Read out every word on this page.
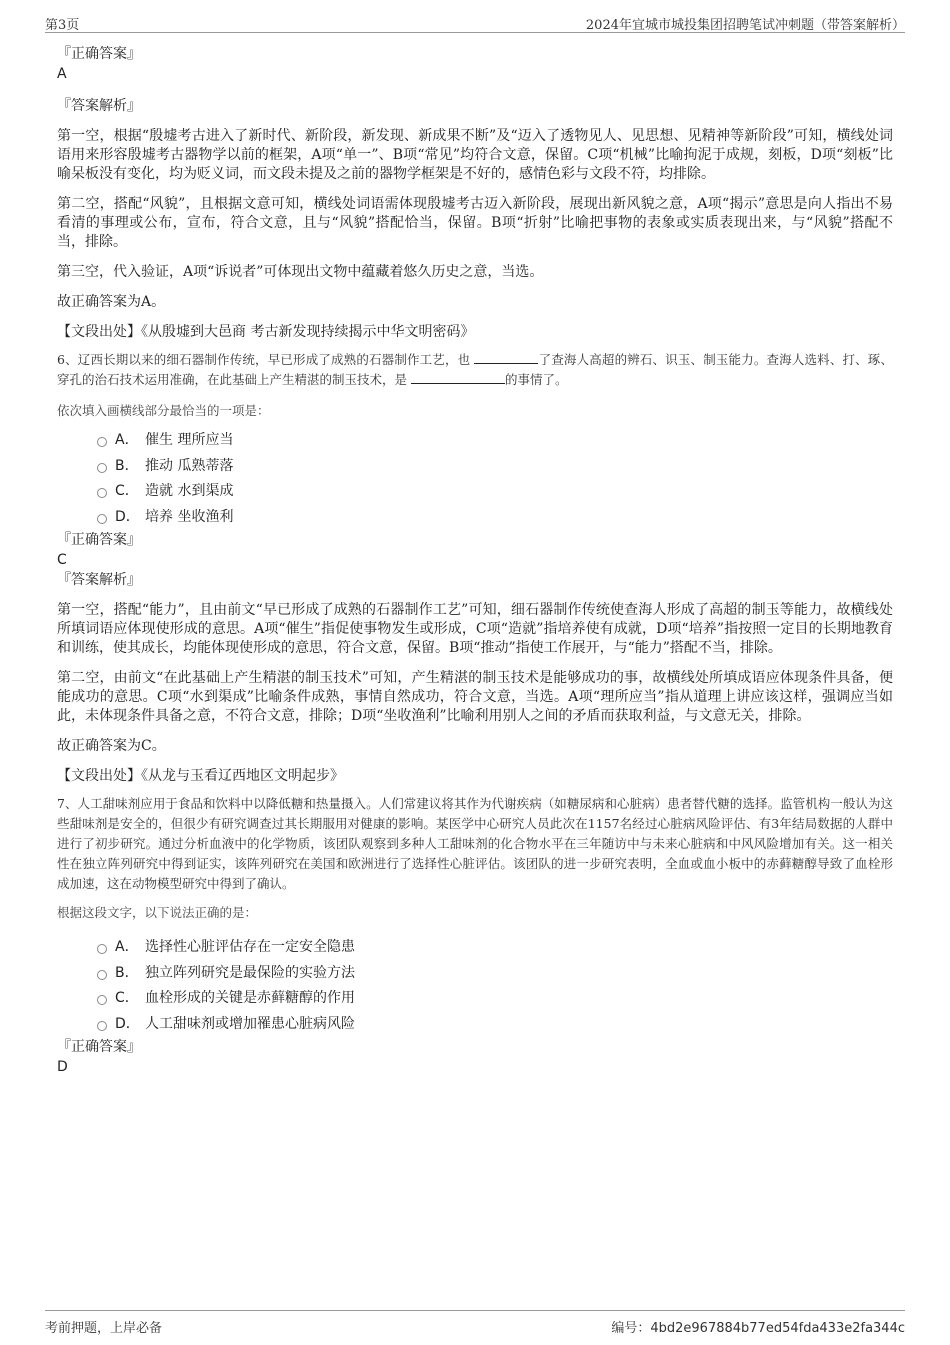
第3页	2024年宜城市城投集团招聘笔试冲刺题（带答案解析）

『正确答案』

A

『答案解析』

第一空，根据“殷墟考古进入了新时代、新阶段，新发现、新成果不断”及“迈入了透物见人、见思想、见精神等新阶段”可知，横线处词语用来形容殷墟考古器物学以前的框架，A项“单一”、B项“常见”均符合文意，保留。C项“机械”比喻拘泥于成规，刻板，D项“刻板”比喻呆板没有变化，均为贬义词，而文段未提及之前的器物学框架是不好的，感情色彩与文段不符，均排除。

第二空，搭配“风貌”，且根据文意可知，横线处词语需体现殷墟考古迈入新阶段，展现出新风貌之意，A项“揭示”意思是向人指出不易看清的事理或公布，宣布，符合文意，且与“风貌”搭配恰当，保留。B项“折射”比喻把事物的表象或实质表现出来，与“风貌”搭配不当，排除。

第三空，代入验证，A项“诉说者”可体现出文物中蕴藏着悠久历史之意，当选。

故正确答案为A。

【文段出处】《从殷墟到大邑商 考古新发现持续揭示中华文明密码》

6、辽西长期以来的细石器制作传统，早已形成了成熟的石器制作工艺，也	了查海人高超的辨石、识玉、制玉能力。查海人选料、打、琢、穿孔的治石技术运用准确，在此基础上产生精湛的制玉技术，是	的事情了。

依次填入画横线部分最恰当的一项是：

A． 催生 理所应当
B． 推动 瓜熟蒂落
C． 造就 水到渠成
D． 培养 坐收渔利

『正确答案』

C

『答案解析』

第一空，搭配“能力”，且由前文“早已形成了成熟的石器制作工艺”可知，细石器制作传统使查海人形成了高超的制玉等能力，故横线处所填词语应体现使形成的意思。A项“催生”指促使事物发生或形成，C项“造就”指培养使有成就，D项“培养”指按照一定目的长期地教育和训练，使其成长，均能体现使形成的意思，符合文意，保留。B项“推动”指使工作展开，与“能力”搭配不当，排除。

第二空，由前文“在此基础上产生精湛的制玉技术”可知，产生精湛的制玉技术是能够成功的事，故横线处所填成语应体现条件具备，便能成功的意思。C项“水到渠成”比喻条件成熟，事情自然成功，符合文意，当选。A项“理所应当”指从道理上讲应该这样，强调应当如此，未体现条件具备之意，不符合文意，排除；D项“坐收渔利”比喻利用别人之间的矛盾而获取利益，与文意无关，排除。

故正确答案为C。

【文段出处】《从龙与玉看辽西地区文明起步》

7、人工甜味剂应用于食品和饮料中以降低糖和热量摄入。人们常建议将其作为代谢疾病（如糖尿病和心脏病）患者替代糖的选择。监管机构一般认为这些甜味剂是安全的，但很少有研究调查过其长期服用对健康的影响。某医学中心研究人员此次在1157名经过心脏病风险评估、有3年结局数据的人群中进行了初步研究。通过分析血液中的化学物质，该团队观察到多种人工甜味剂的化合物水平在三年随访中与未来心脏病和中风风险增加有关。这一相关性在独立阵列研究中得到证实，该阵列研究在美国和欧洲进行了选择性心脏评估。该团队的进一步研究表明，全血或血小板中的赤藓糖醇导致了血栓形成加速，这在动物模型研究中得到了确认。

根据这段文字，以下说法正确的是：

A． 选择性心脏评估存在一定安全隐患
B． 独立阵列研究是最保险的实验方法
C． 血栓形成的关键是赤藓糖醇的作用
D． 人工甜味剂或增加罹患心脏病风险

『正确答案』

D

考前押题，上岸必备	编号：4bd2e967884b77ed54fda433e2fa344c
